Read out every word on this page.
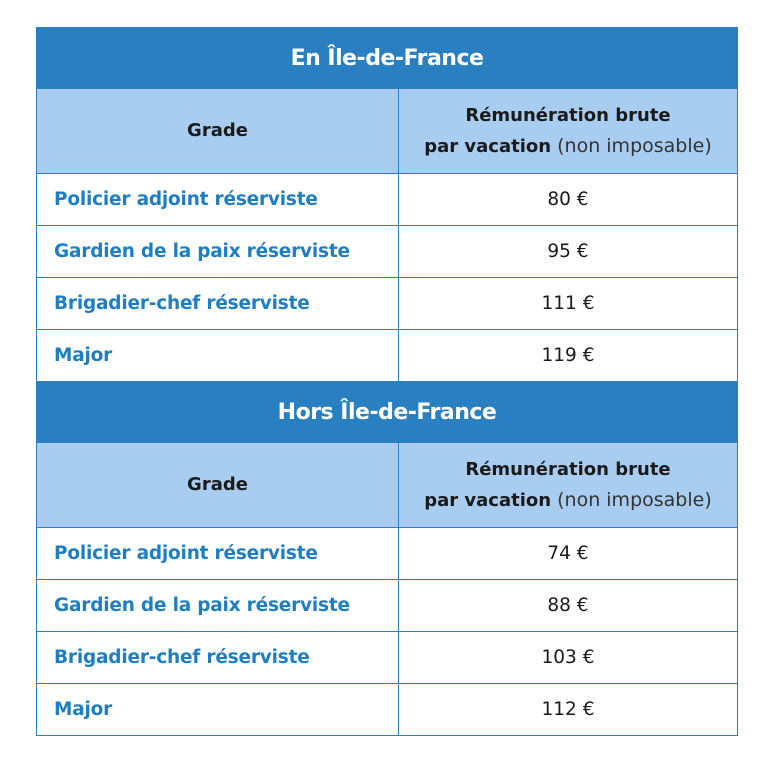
En Île-de-France	
Grade	Rémunération brute
par vacation (non imposable)

Policier adjoint réserviste	80 €
Gardien de la paix réserviste	95 €
Brigadier-chef réserviste	111 €
Major	119 €
Hors Île-de-France	
Grade	Rémunération brute
par vacation (non imposable)

Policier adjoint réserviste	74 €
Gardien de la paix réserviste	88 €
Brigadier-chef réserviste	103 €
Major	112 €
